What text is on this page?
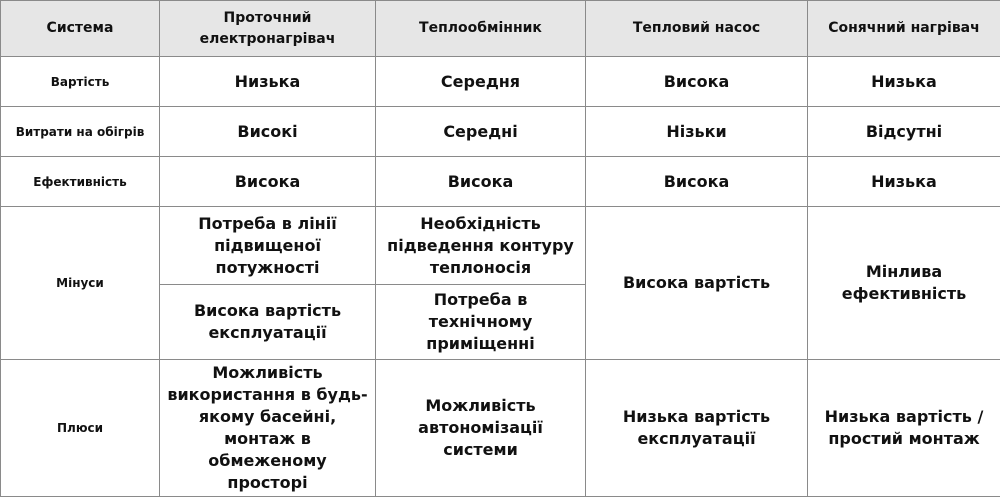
Система	Проточний електронагрівач	Теплообмінник	Тепловий насос	Сонячний нагрівач
Вартість	Низька	Середня	Висока	Низька
Витрати на обігрів	Високі	Середні	Нізьки	Відсутні
Ефективність	Висока	Висока	Висока	Низька
Мінуси	Потреба в лінії підвищеної потужності	Необхідність підведення контуру теплоносія	Висока вартість	Мінлива ефективність
	Висока вартість експлуатації	Потреба в технічному приміщенні		
Плюси	Можливість використання в будь-якому басейні, монтаж в обмеженому просторі	Можливість автономізації системи	Низька вартість експлуатації	Низька вартість / простий монтаж
